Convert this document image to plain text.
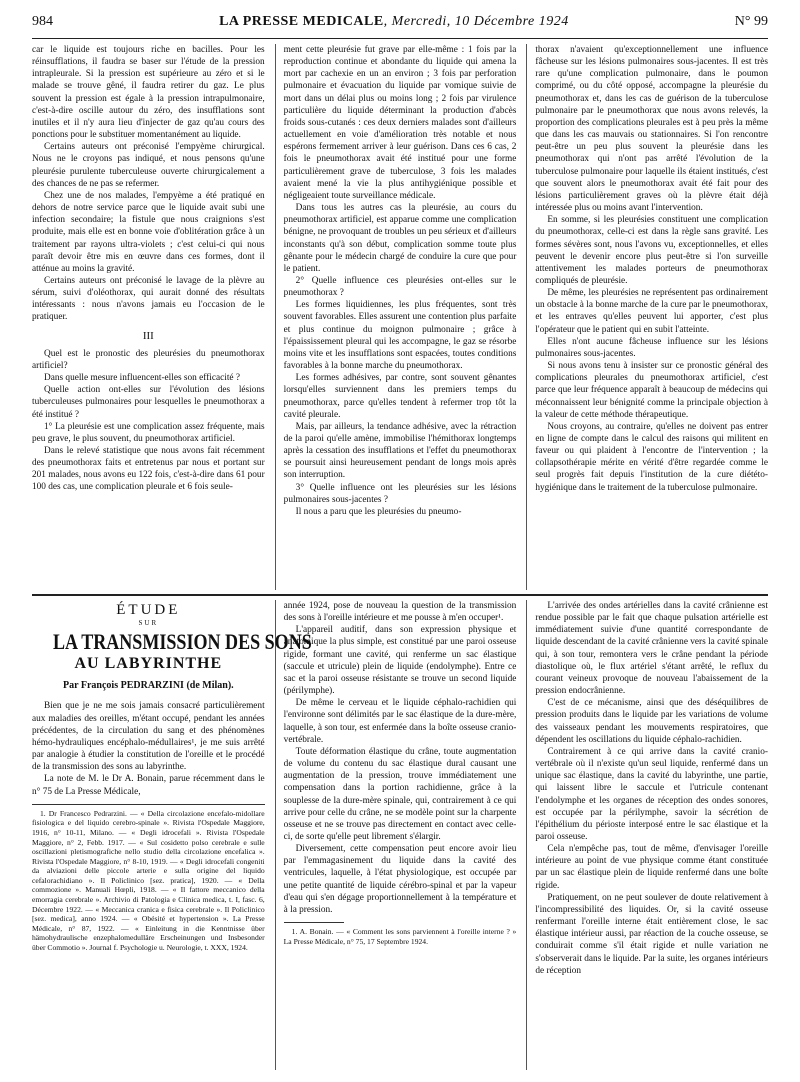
984	LA PRESSE MEDICALE, Mercredi, 10 Décembre 1924	N° 99

car le liquide est toujours riche en bacilles. Pour les réinsufflations, il faudra se baser sur l'étude de la pression intrapleurale. Si la pression est supérieure au zéro et si le malade se trouve gêné, il faudra retirer du gaz. Le plus souvent la pression est égale à la pression intrapulmonaire, c'est-à-dire oscille autour du zéro, des insufflations sont inutiles et il n'y aura lieu d'injecter de gaz qu'au cours des ponctions pour le substituer momentanément au liquide.

Certains auteurs ont préconisé l'empyème chirurgical. Nous ne le croyons pas indiqué, et nous pensons qu'une pleurésie purulente tuberculeuse ouverte chirurgicalement a des chances de ne pas se refermer.

Chez une de nos malades, l'empyème a été pratiqué en dehors de notre service parce que le liquide avait subi une infection secondaire; la fistule que nous craignions s'est produite, mais elle est en bonne voie d'oblitération grâce à un traitement par rayons ultra-violets ; c'est celui-ci qui nous paraît devoir être mis en œuvre dans ces formes, dont il atténue au moins la gravité.

Certains auteurs ont préconisé le lavage de la plèvre au sérum, suivi d'oléothorax, qui aurait donné des résultats intéressants : nous n'avons jamais eu l'occasion de le pratiquer.

III

Quel est le pronostic des pleurésies du pneumothorax artificiel?

Dans quelle mesure influencent-elles son efficacité ?

Quelle action ont-elles sur l'évolution des lésions tuberculeuses pulmonaires pour lesquelles le pneumothorax a été institué ?

1° La pleurésie est une complication assez fréquente, mais peu grave, le plus souvent, du pneumothorax artificiel.

Dans le relevé statistique que nous avons fait récemment des pneumothorax faits et entretenus par nous et portant sur 201 malades, nous avons eu 122 fois, c'est-à-dire dans 61 pour 100 des cas, une complication pleurale et 6 fois seule-

ment cette pleurésie fut grave par elle-même : 1 fois par la reproduction continue et abondante du liquide qui amena la mort par cachexie en un an environ ; 3 fois par perforation pulmonaire et évacuation du liquide par vomique suivie de mort dans un délai plus ou moins long ; 2 fois par virulence particulière du liquide déterminant la production d'abcès froids sous-cutanés : ces deux derniers malades sont d'ailleurs actuellement en voie d'amélioration très notable et nous espérons fermement arriver à leur guérison. Dans ces 6 cas, 2 fois le pneumothorax avait été institué pour une forme particulièrement grave de tuberculose, 3 fois les malades avaient mené la vie la plus antihygiénique possible et négligeaient toute surveillance médicale.

Dans tous les autres cas la pleurésie, au cours du pneumothorax artificiel, est apparue comme une complication bénigne, ne provoquant de troubles un peu sérieux et d'ailleurs inconstants qu'à son début, complication somme toute plus gênante pour le médecin chargé de conduire la cure que pour le patient.

2° Quelle influence ces pleurésies ont-elles sur le pneumothorax ?

Les formes liquidiennes, les plus fréquentes, sont très souvent favorables. Elles assurent une contention plus parfaite et plus continue du moignon pulmonaire ; grâce à l'épaississement pleural qui les accompagne, le gaz se résorbe moins vite et les insufflations sont espacées, toutes conditions favorables à la bonne marche du pneumothorax.

Les formes adhésives, par contre, sont souvent gênantes lorsqu'elles surviennent dans les premiers temps du pneumothorax, parce qu'elles tendent à refermer trop tôt la cavité pleurale.

Mais, par ailleurs, la tendance adhésive, avec la rétraction de la paroi qu'elle amène, immobilise l'hémithorax longtemps après la cessation des insufflations et l'effet du pneumothorax se poursuit ainsi heureusement pendant de longs mois après son interruption.

3° Quelle influence ont les pleurésies sur les lésions pulmonaires sous-jacentes ?

Il nous a paru que les pleurésies du pneumo-

thorax n'avaient qu'exceptionnellement une influence fâcheuse sur les lésions pulmonaires sous-jacentes. Il est très rare qu'une complication pulmonaire, dans le poumon comprimé, ou du côté opposé, accompagne la pleurésie du pneumothorax et, dans les cas de guérison de la tuberculose pulmonaire par le pneumothorax que nous avons relevés, la proportion des complications pleurales est à peu près la même que dans les cas mauvais ou stationnaires. Si l'on rencontre peut-être un peu plus souvent la pleurésie dans les pneumothorax qui n'ont pas arrêté l'évolution de la tuberculose pulmonaire pour laquelle ils étaient institués, c'est que souvent alors le pneumothorax avait été fait pour des lésions particulièrement graves où la plèvre était déjà intéressée plus ou moins avant l'intervention.

En somme, si les pleurésies constituent une complication du pneumothorax, celle-ci est dans la règle sans gravité. Les formes sévères sont, nous l'avons vu, exceptionnelles, et elles peuvent le devenir encore plus peut-être si l'on surveille attentivement les malades porteurs de pneumothorax compliqués de pleurésie.

De même, les pleurésies ne représentent pas ordinairement un obstacle à la bonne marche de la cure par le pneumothorax, et les entraves qu'elles peuvent lui apporter, c'est plus l'opérateur que le patient qui en subit l'atteinte.

Elles n'ont aucune fâcheuse influence sur les lésions pulmonaires sous-jacentes.

Si nous avons tenu à insister sur ce pronostic général des complications pleurales du pneumothorax artificiel, c'est parce que leur fréquence apparaît à beaucoup de médecins qui méconnaissent leur bénignité comme la principale objection à la valeur de cette méthode thérapeutique.

Nous croyons, au contraire, qu'elles ne doivent pas entrer en ligne de compte dans le calcul des raisons qui militent en faveur ou qui plaident à l'encontre de l'intervention ; la collapsothérapie mérite en vérité d'être regardée comme le seul progrès fait depuis l'institution de la cure diététo-hygiénique dans le traitement de la tuberculose pulmonaire.

ÉTUDE
SUR
LA TRANSMISSION DES SONS
AU LABYRINTHE
Par François PEDRARZINI (de Milan).

Bien que je ne me sois jamais consacré particulièrement aux maladies des oreilles, m'étant occupé, pendant les années précédentes, de la circulation du sang et des phénomènes hémo-hydrauliques encéphalo-médullaires¹, je me suis arrêté par analogie à étudier la constitution de l'oreille et le procédé de la transmission des sons au labyrinthe.

La note de M. le Dr A. Bonain, parue récemment dans le n° 75 de La Presse Médicale,

1. Dr Francesco Pedrarzini. — « Della circolazione encefalo-midollare fisiologica e del liquido cerebro-spinale ». Rivista l'Ospedale Maggiore, 1916, n° 10-11, Milano. — « Degli idrocefali ». Rivista l'Ospedale Maggiore, n° 2, Febb. 1917. — « Sul cosidetto polso cerebrale e sulle oscillazioni pletismografiche nello studio della circolazione encefalica ». Rivista l'Ospedale Maggiore, n° 8-10, 1919. — « Degli idrocefali congeniti da alviazioni delle piccole arterie e sulla origine del liquido cefalorachidiano ». Il Policlinico [sez. pratica], 1920. — « Della commozione ». Manuali Hœpli, 1918. — « Il fattore meccanico della emorragia cerebrale ». Archivio di Patologia e Clinica medica, t. I, fasc. 6, Décembre 1922. — « Meccanica cranica e fisica cerebrale ». Il Policlinico [sez. medica], anno 1924. — « Obésité et hypertension ». La Presse Médicale, n° 87, 1922. — « Einleitung in die Kenntnisse über hämohydraulische enzephalomedulläre Erscheinungen und Insbesonder über Commotio ». Journal f. Psychologie u. Neurologie, t. XXX, 1924.

année 1924, pose de nouveau la question de la transmission des sons à l'oreille intérieure et me pousse à m'en occuper¹.

L'appareil auditif, dans son expression physique et anatomique la plus simple, est constitué par une paroi osseuse rigide, formant une cavité, qui renferme un sac élastique (saccule et utricule) plein de liquide (endolymphe). Entre ce sac et la paroi osseuse résistante se trouve un second liquide (périlymphe).

De même le cerveau et le liquide céphalo-rachidien qui l'environne sont délimités par le sac élastique de la dure-mère, laquelle, à son tour, est enfermée dans la boîte osseuse cranio-vertébrale.

Toute déformation élastique du crâne, toute augmentation de volume du contenu du sac élastique dural causant une augmentation de la pression, trouve immédiatement une compensation dans la portion rachidienne, grâce à la souplesse de la dure-mère spinale, qui, contrairement à ce qui arrive pour celle du crâne, ne se modèle point sur la charpente osseuse et ne se trouve pas directement en contact avec celle-ci, de sorte qu'elle peut librement s'élargir.

Diversement, cette compensation peut encore avoir lieu par l'emmagasinement du liquide dans la cavité des ventricules, laquelle, à l'état physiologique, est occupée par une petite quantité de liquide cérébro-spinal et par la vapeur d'eau qui s'en dégage proportionnellement à la température et à la pression.

1. A. Bonain. — « Comment les sons parviennent à l'oreille interne ? » La Presse Médicale, n° 75, 17 Septembre 1924.

L'arrivée des ondes artérielles dans la cavité crânienne est rendue possible par le fait que chaque pulsation artérielle est immédiatement suivie d'une quantité correspondante de liquide descendant de la cavité crânienne vers la cavité spinale qui, à son tour, remontera vers le crâne pendant la période diastolique où, le flux artériel s'étant arrêté, le reflux du courant veineux provoque de nouveau l'abaissement de la pression endocrânienne.

C'est de ce mécanisme, ainsi que des déséquilibres de pression produits dans le liquide par les variations de volume des vaisseaux pendant les mouvements respiratoires, que dépendent les oscillations du liquide céphalo-rachidien.

Contrairement à ce qui arrive dans la cavité cranio-vertébrale où il n'existe qu'un seul liquide, renfermé dans un unique sac élastique, dans la cavité du labyrinthe, une partie, qui laissent libre le saccule et l'utricule contenant l'endolymphe et les organes de réception des ondes sonores, est occupée par la périlymphe, savoir la sécrétion de l'épithélium du périoste interposé entre le sac élastique et la paroi osseuse.

Cela n'empêche pas, tout de même, d'envisager l'oreille intérieure au point de vue physique comme étant constituée par un sac élastique plein de liquide renfermé dans une boîte rigide.

Pratiquement, on ne peut soulever de doute relativement à l'incompressibilité des liquides. Or, si la cavité osseuse renfermant l'oreille interne était entièrement close, le sac élastique intérieur aussi, par réaction de la couche osseuse, se conduirait comme s'il était rigide et nulle variation ne s'observerait dans le liquide. Par la suite, les organes intérieurs de réception
